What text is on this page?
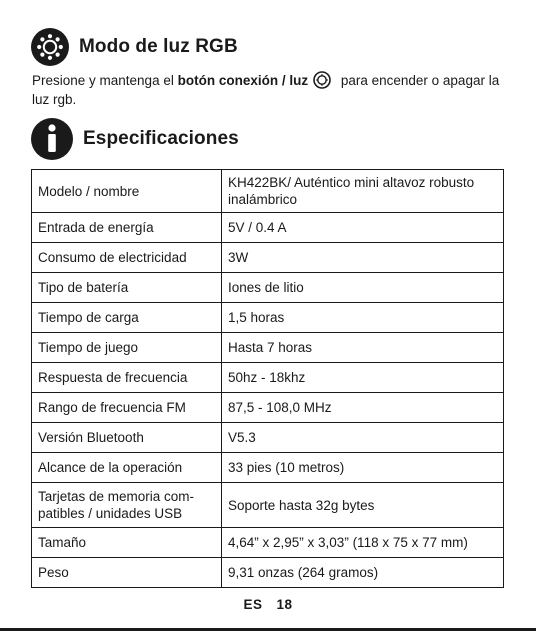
Modo de luz RGB
Presione y mantenga el botón conexión / luz para encender o apagar la luz rgb.
Especificaciones
Modelo / nombre	KH422BK/ Auténtico mini altavoz robusto inalámbrico
Entrada de energía	5V / 0.4 A
Consumo de electricidad	3W
Tipo de batería	Iones de litio
Tiempo de carga	1,5 horas
Tiempo de juego	Hasta 7 horas
Respuesta de frecuencia	50hz - 18khz
Rango de frecuencia FM	87,5 - 108,0 MHz
Versión Bluetooth	V5.3
Alcance de la operación	33 pies (10 metros)
Tarjetas de memoria com-patibles / unidades USB	Soporte hasta 32g bytes
Tamaño	4,64” x 2,95” x 3,03” (118 x 75 x 77 mm)
Peso	9,31 onzas (264 gramos)
ES 18
